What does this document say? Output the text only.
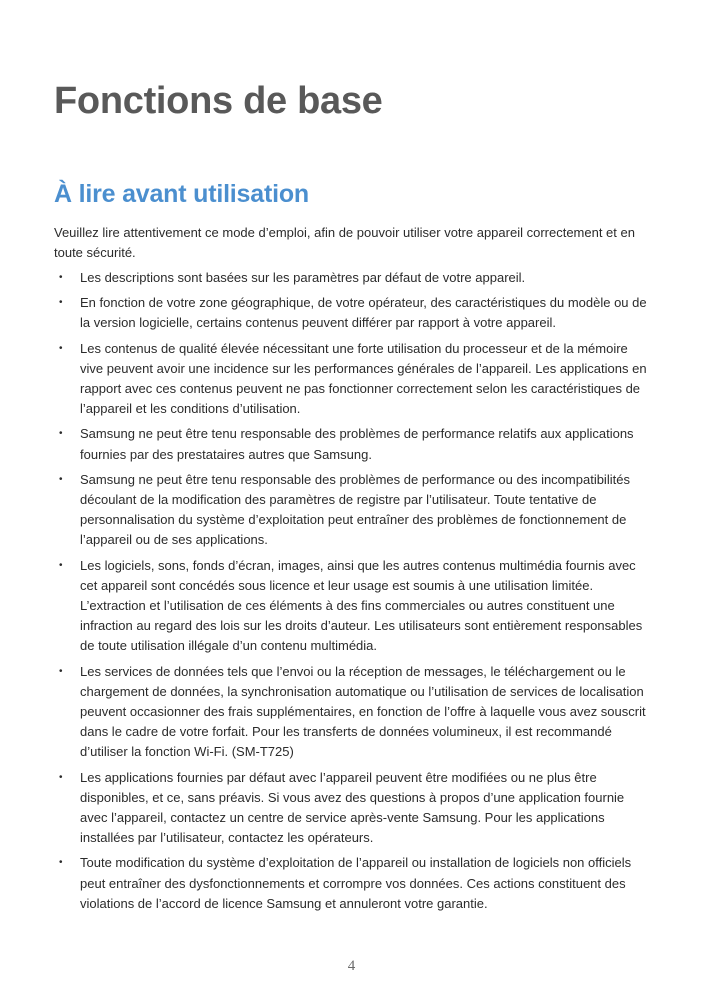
Fonctions de base
À lire avant utilisation

Veuillez lire attentivement ce mode d’emploi, afin de pouvoir utiliser votre appareil correctement et en toute sécurité.

• Les descriptions sont basées sur les paramètres par défaut de votre appareil.
• En fonction de votre zone géographique, de votre opérateur, des caractéristiques du modèle ou de la version logicielle, certains contenus peuvent différer par rapport à votre appareil.
• Les contenus de qualité élevée nécessitant une forte utilisation du processeur et de la mémoire vive peuvent avoir une incidence sur les performances générales de l’appareil. Les applications en rapport avec ces contenus peuvent ne pas fonctionner correctement selon les caractéristiques de l’appareil et les conditions d’utilisation.
• Samsung ne peut être tenu responsable des problèmes de performance relatifs aux applications fournies par des prestataires autres que Samsung.
• Samsung ne peut être tenu responsable des problèmes de performance ou des incompatibilités découlant de la modification des paramètres de registre par l’utilisateur. Toute tentative de personnalisation du système d’exploitation peut entraîner des problèmes de fonctionnement de l’appareil ou de ses applications.
• Les logiciels, sons, fonds d’écran, images, ainsi que les autres contenus multimédia fournis avec cet appareil sont concédés sous licence et leur usage est soumis à une utilisation limitée. L’extraction et l’utilisation de ces éléments à des fins commerciales ou autres constituent une infraction au regard des lois sur les droits d’auteur. Les utilisateurs sont entièrement responsables de toute utilisation illégale d’un contenu multimédia.
• Les services de données tels que l’envoi ou la réception de messages, le téléchargement ou le chargement de données, la synchronisation automatique ou l’utilisation de services de localisation peuvent occasionner des frais supplémentaires, en fonction de l’offre à laquelle vous avez souscrit dans le cadre de votre forfait. Pour les transferts de données volumineux, il est recommandé d’utiliser la fonction Wi-Fi. (SM-T725)
• Les applications fournies par défaut avec l’appareil peuvent être modifiées ou ne plus être disponibles, et ce, sans préavis. Si vous avez des questions à propos d’une application fournie avec l’appareil, contactez un centre de service après-vente Samsung. Pour les applications installées par l’utilisateur, contactez les opérateurs.
• Toute modification du système d’exploitation de l’appareil ou installation de logiciels non officiels peut entraîner des dysfonctionnements et corrompre vos données. Ces actions constituent des violations de l’accord de licence Samsung et annuleront votre garantie.
4
